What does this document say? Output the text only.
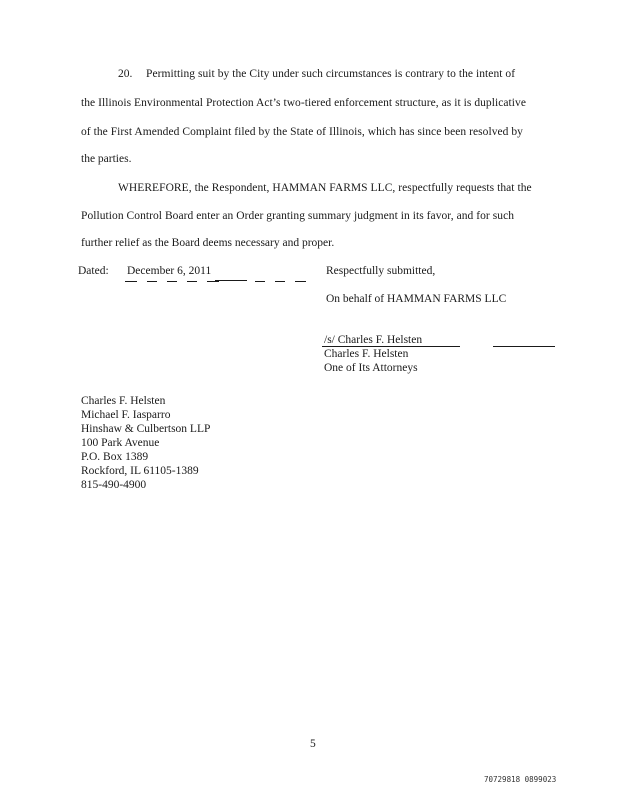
20. Permitting suit by the City under such circumstances is contrary to the intent of
the Illinois Environmental Protection Act’s two-tiered enforcement structure, as it is duplicative
of the First Amended Complaint filed by the State of Illinois, which has since been resolved by
the parties.
WHEREFORE, the Respondent, HAMMAN FARMS LLC, respectfully requests that the
Pollution Control Board enter an Order granting summary judgment in its favor, and for such
further relief as the Board deems necessary and proper.
Dated: December 6, 2011	Respectfully submitted,
On behalf of HAMMAN FARMS LLC
/s/ Charles F. Helsten
Charles F. Helsten
One of Its Attorneys
Charles F. Helsten
Michael F. Iasparro
Hinshaw & Culbertson LLP
100 Park Avenue
P.O. Box 1389
Rockford, IL 61105-1389
815-490-4900
5
70729818 0899023
